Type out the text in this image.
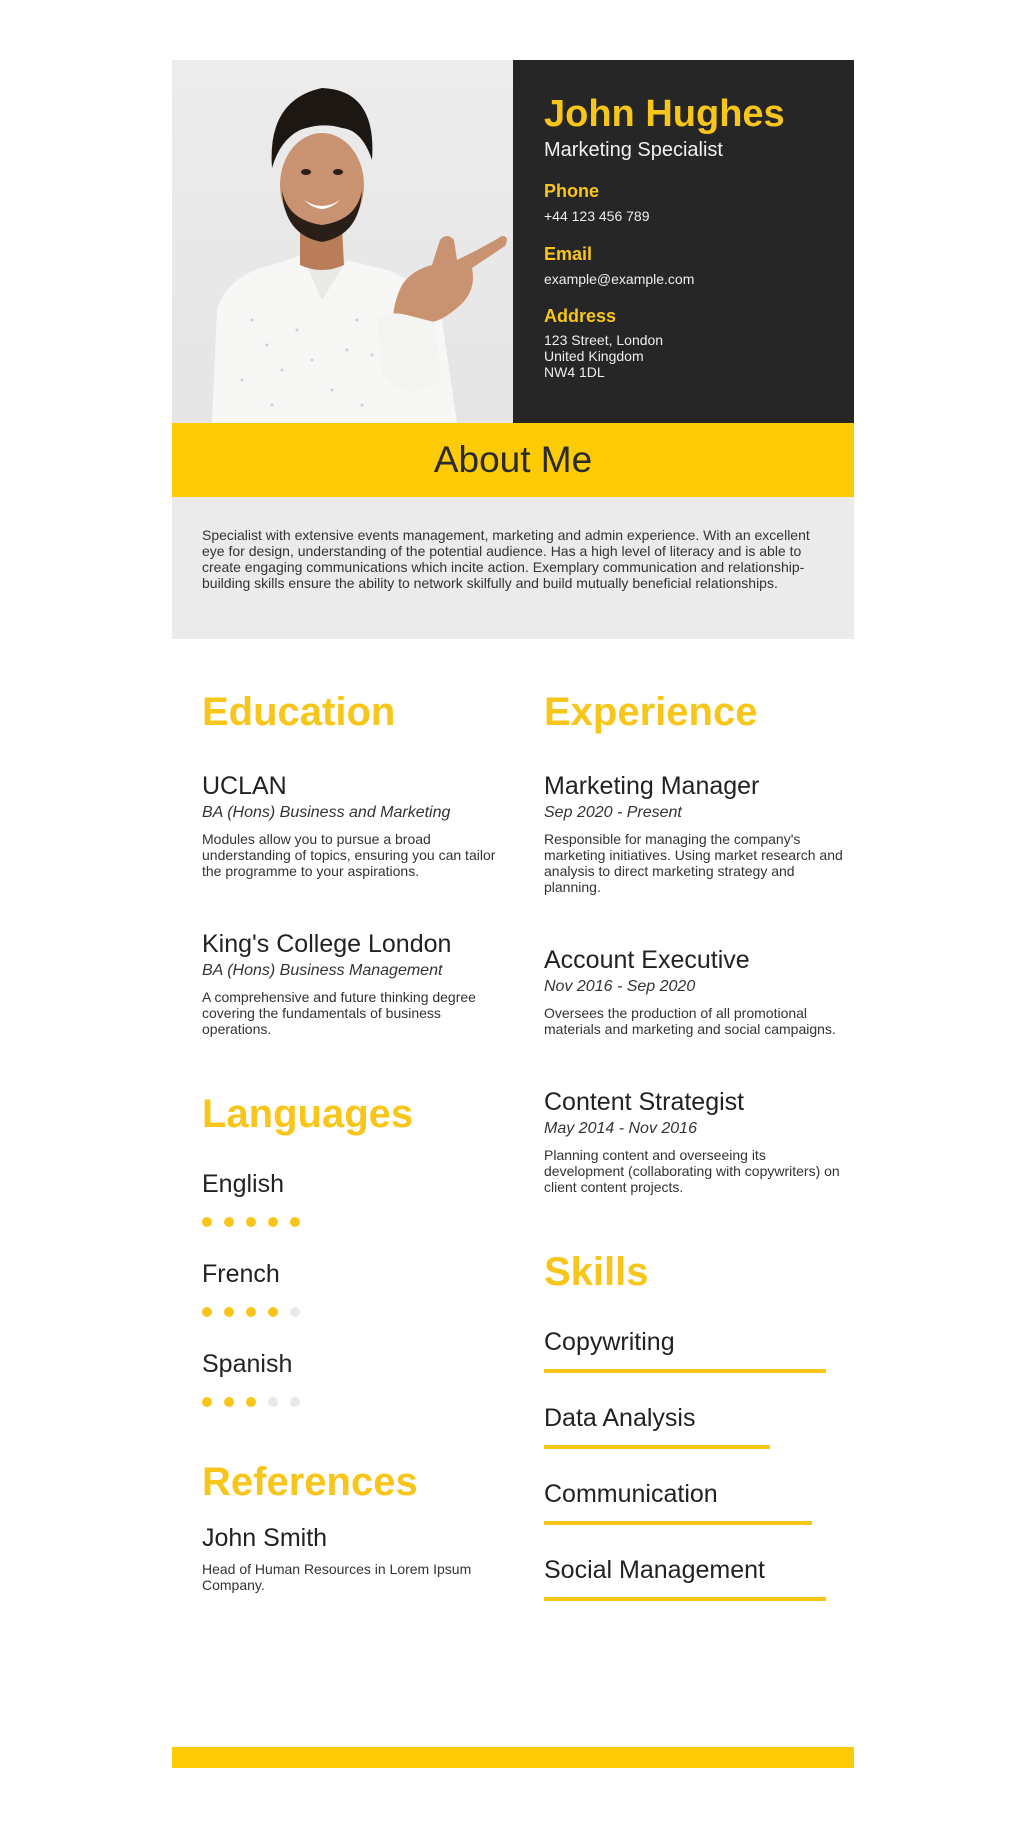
John Hughes
Marketing Specialist
Phone
+44 123 456 789
Email
example@example.com
Address
123 Street, London
United Kingdom
NW4 1DL
About Me

Specialist with extensive events management, marketing and admin experience. With an excellent eye for design, understanding of the potential audience. Has a high level of literacy and is able to create engaging communications which incite action. Exemplary communication and relationship-building skills ensure the ability to network skilfully and build mutually beneficial relationships.

Education
UCLAN
BA (Hons) Business and Marketing
Modules allow you to pursue a broad understanding of topics, ensuring you can tailor the programme to your aspirations.
King's College London
BA (Hons) Business Management
A comprehensive and future thinking degree covering the fundamentals of business operations.
Languages
English
French
Spanish
References
John Smith
Head of Human Resources in Lorem Ipsum Company.
Experience
Marketing Manager
Sep 2020 - Present
Responsible for managing the company's marketing initiatives. Using market research and analysis to direct marketing strategy and planning.
Account Executive
Nov 2016 - Sep 2020
Oversees the production of all promotional materials and marketing and social campaigns.
Content Strategist
May 2014 - Nov 2016
Planning content and overseeing its development (collaborating with copywriters) on client content projects.
Skills
Copywriting
Data Analysis
Communication
Social Management
